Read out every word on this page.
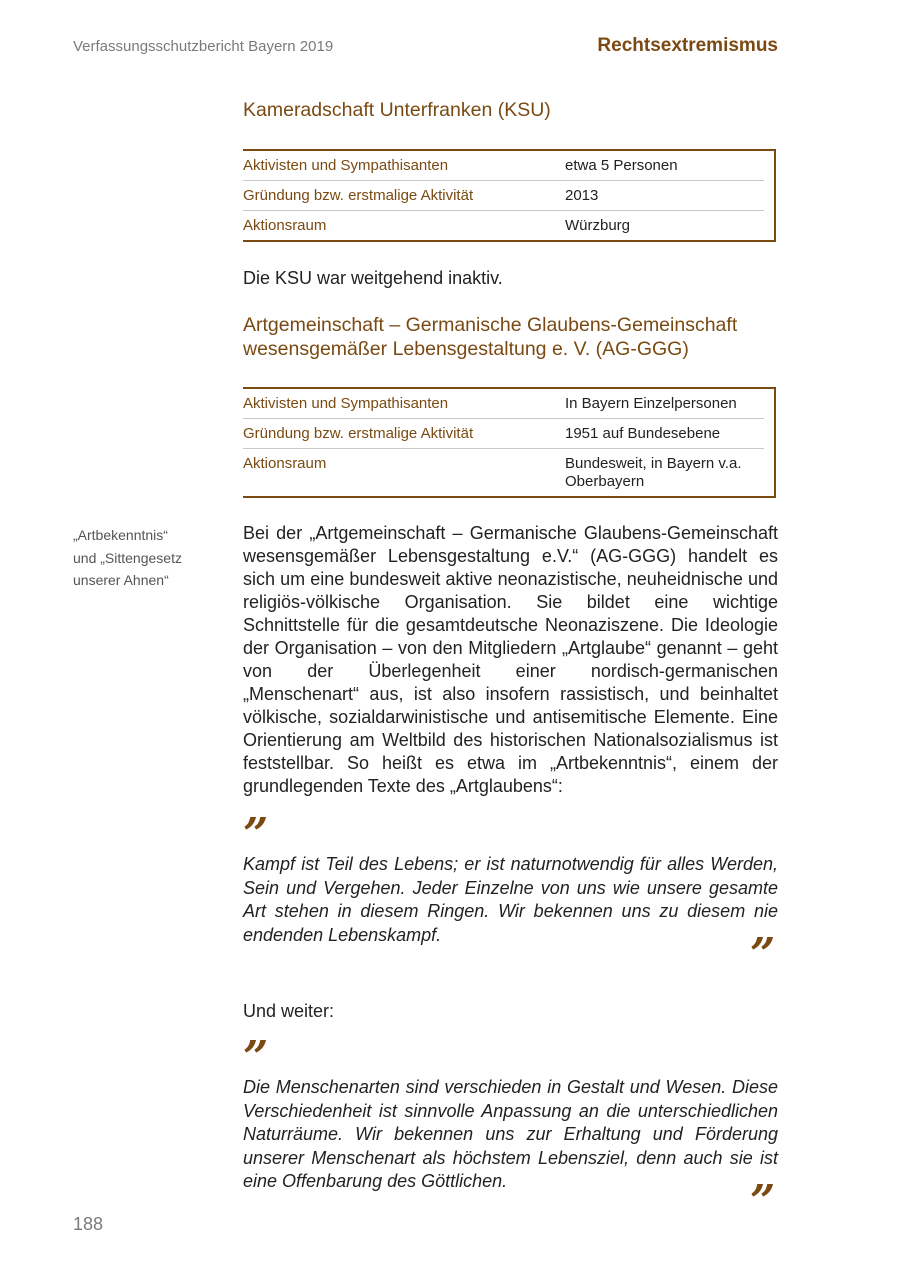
Verfassungsschutzbericht Bayern 2019	Rechtsextremismus
Kameradschaft Unterfranken (KSU)
Aktivisten und Sympathisanten	etwa 5 Personen
Gründung bzw. erstmalige Aktivität	2013
Aktionsraum	Würzburg
Die KSU war weitgehend inaktiv.
Artgemeinschaft – Germanische Glaubens-Gemeinschaft
wesensgemäßer Lebensgestaltung e. V. (AG-GGG)
Aktivisten und Sympathisanten	In Bayern Einzelpersonen
Gründung bzw. erstmalige Aktivität	1951 auf Bundesebene
Aktionsraum	Bundesweit, in Bayern v.a. Oberbayern
„Artbekenntnis“
und „Sittengesetz
unserer Ahnen“
Bei der „Artgemeinschaft – Germanische Glaubens-Gemeinschaft wesensgemäßer Lebensgestaltung e.V.“ (AG-GGG) handelt es sich um eine bundesweit aktive neonazistische, neuheidnische und religiös-völkische Organisation. Sie bildet eine wichtige Schnittstelle für die gesamtdeutsche Neonaziszene. Die Ideologie der Organisation – von den Mitgliedern „Artglaube“ genannt – geht von der Überlegenheit einer nordisch-germanischen „Menschenart“ aus, ist also insofern rassistisch, und beinhaltet völkische, sozialdarwinistische und antisemitische Elemente. Eine Orientierung am Weltbild des historischen Nationalsozialismus ist feststellbar. So heißt es etwa im „Artbekenntnis“, einem der grundlegenden Texte des „Artglaubens“:
”
Kampf ist Teil des Lebens; er ist naturnotwendig für alles Werden, Sein und Vergehen. Jeder Einzelne von uns wie unsere gesamte Art stehen in diesem Ringen. Wir bekennen uns zu diesem nie endenden Lebenskampf.	”
Und weiter:
”
Die Menschenarten sind verschieden in Gestalt und Wesen. Diese Verschiedenheit ist sinnvolle Anpassung an die unterschiedlichen Naturräume. Wir bekennen uns zur Erhaltung und Förderung unserer Menschenart als höchstem Lebensziel, denn auch sie ist eine Offenbarung des Göttlichen.	”
188
